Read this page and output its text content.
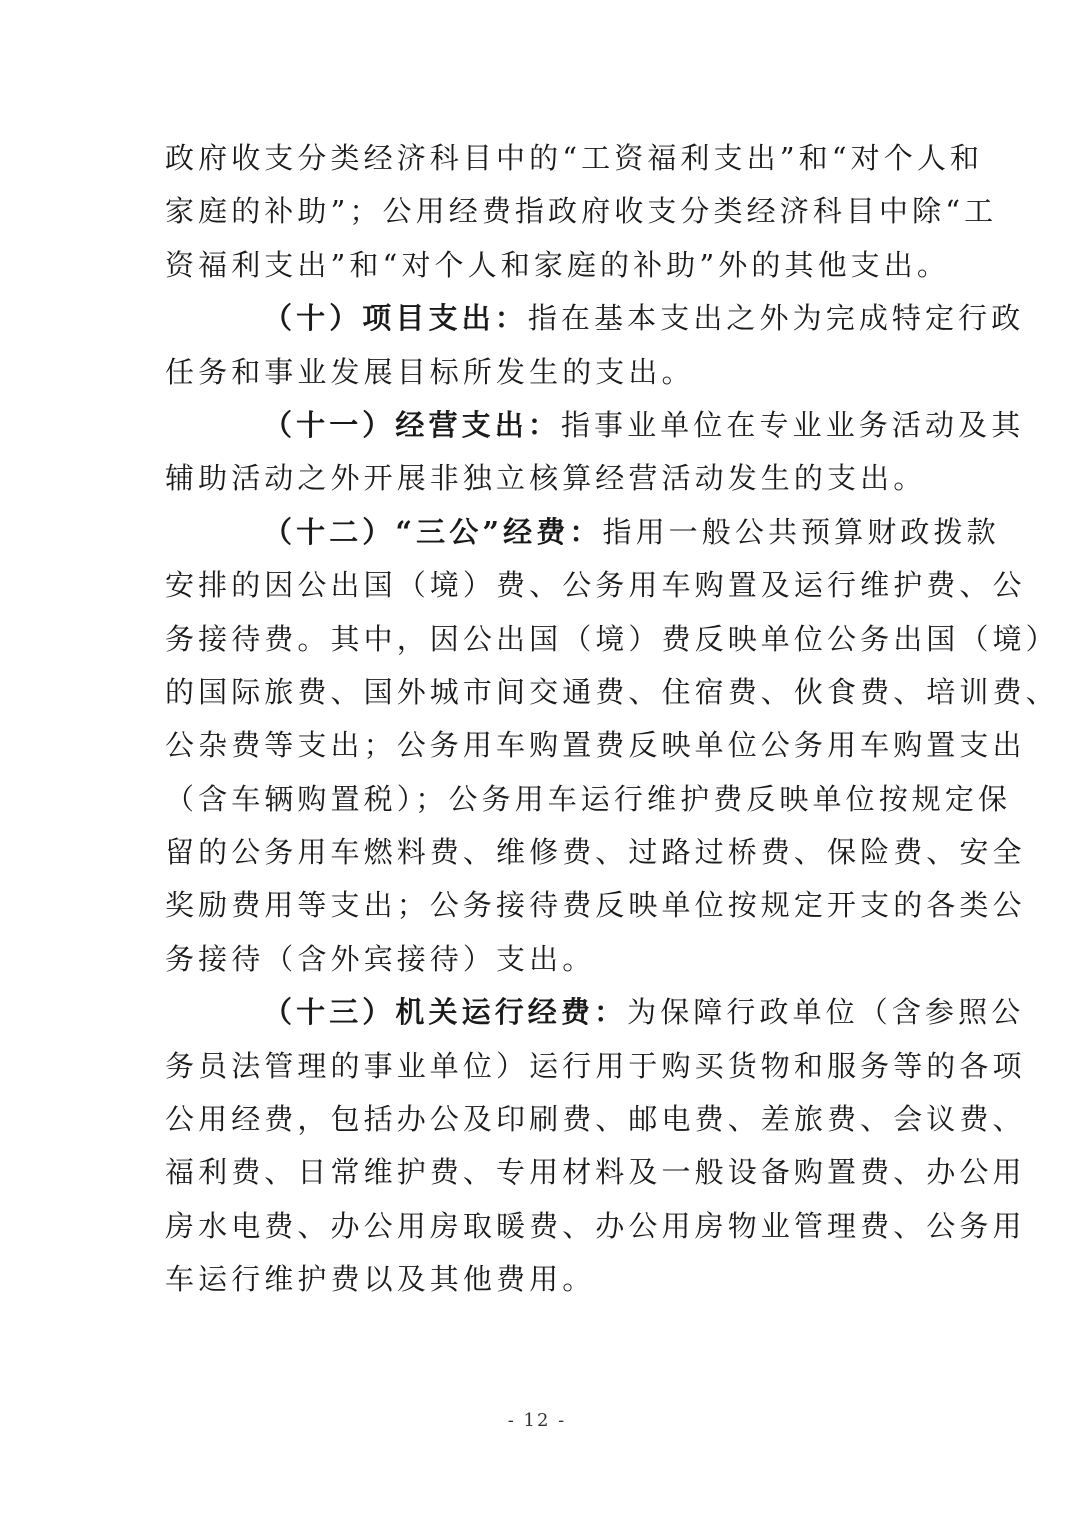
政府收支分类经济科目中的“工资福利支出”和“对个人和
家庭的补助”；公用经费指政府收支分类经济科目中除“工
资福利支出”和“对个人和家庭的补助”外的其他支出。
（十）项目支出：指在基本支出之外为完成特定行政
任务和事业发展目标所发生的支出。
（十一）经营支出：指事业单位在专业业务活动及其
辅助活动之外开展非独立核算经营活动发生的支出。
（十二）“三公”经费：指用一般公共预算财政拨款
安排的因公出国（境）费、公务用车购置及运行维护费、公
务接待费。其中，因公出国（境）费反映单位公务出国（境）
的国际旅费、国外城市间交通费、住宿费、伙食费、培训费、
公杂费等支出；公务用车购置费反映单位公务用车购置支出
（含车辆购置税）；公务用车运行维护费反映单位按规定保
留的公务用车燃料费、维修费、过路过桥费、保险费、安全
奖励费用等支出；公务接待费反映单位按规定开支的各类公
务接待（含外宾接待）支出。
（十三）机关运行经费：为保障行政单位（含参照公
务员法管理的事业单位）运行用于购买货物和服务等的各项
公用经费，包括办公及印刷费、邮电费、差旅费、会议费、
福利费、日常维护费、专用材料及一般设备购置费、办公用
房水电费、办公用房取暖费、办公用房物业管理费、公务用
车运行维护费以及其他费用。
- 12 -
